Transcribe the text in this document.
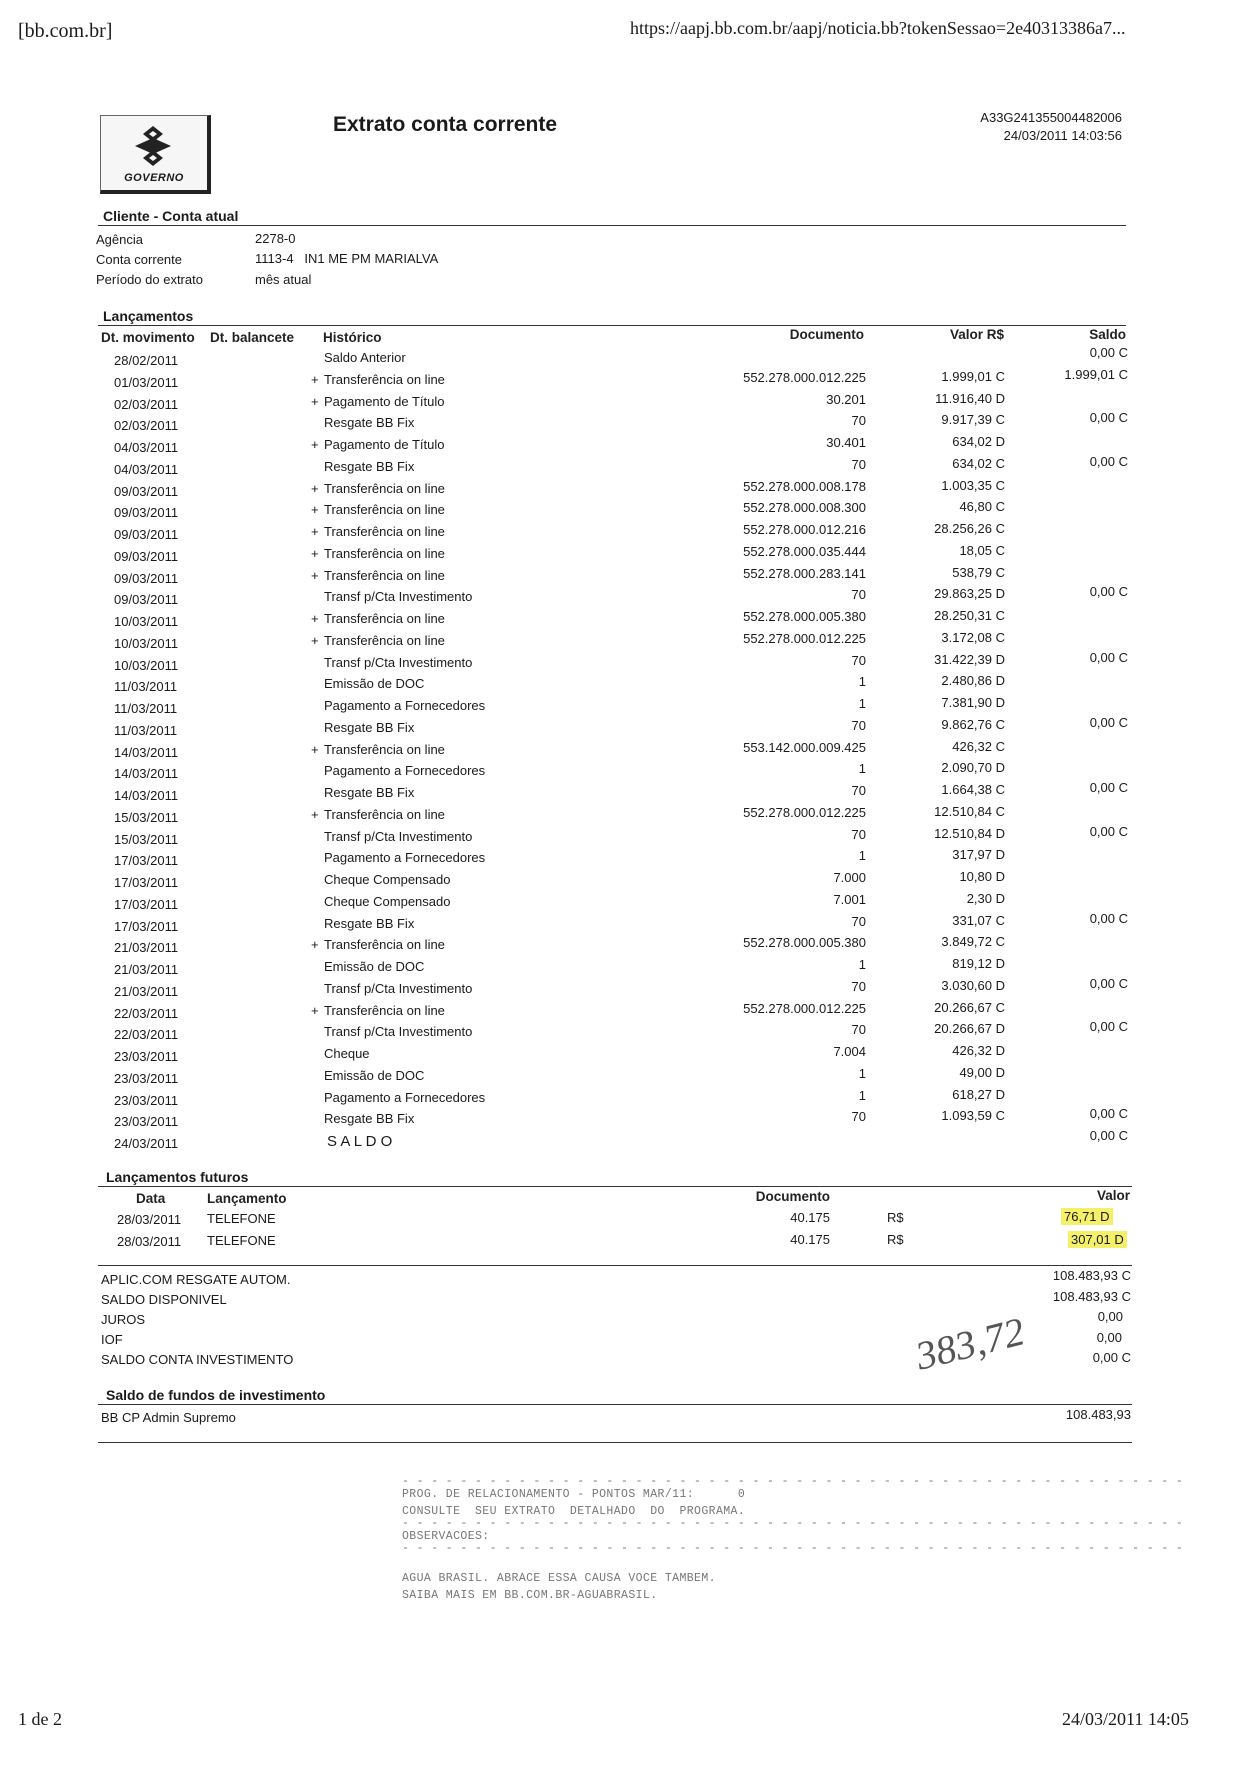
[bb.com.br]	https://aapj.bb.com.br/aapj/noticia.bb?tokenSessao=2e40313386a7...
GOVERNO
Extrato conta corrente	A33G241355004482006
24/03/2011 14:03:56
Cliente - Conta atual
Agência	2278-0
Conta corrente	1113-4   IN1 ME PM MARIALVA
Período do extrato	mês atual
Lançamentos
Dt. movimento Dt. balancete Histórico	Documento	Valor R$	Saldo
28/02/2011	Saldo Anterior	0,00 C
01/03/2011	+ Transferência on line	552.278.000.012.225	1.999,01 C	1.999,01 C
02/03/2011	+ Pagamento de Título	30.201	11.916,40 D
02/03/2011	Resgate BB Fix	70	9.917,39 C	0,00 C
04/03/2011	+ Pagamento de Título	30.401	634,02 D
04/03/2011	Resgate BB Fix	70	634,02 C	0,00 C
09/03/2011	+ Transferência on line	552.278.000.008.178	1.003,35 C
09/03/2011	+ Transferência on line	552.278.000.008.300	46,80 C
09/03/2011	+ Transferência on line	552.278.000.012.216	28.256,26 C
09/03/2011	+ Transferência on line	552.278.000.035.444	18,05 C
09/03/2011	+ Transferência on line	552.278.000.283.141	538,79 C
09/03/2011	Transf p/Cta Investimento	70	29.863,25 D	0,00 C
10/03/2011	+ Transferência on line	552.278.000.005.380	28.250,31 C
10/03/2011	+ Transferência on line	552.278.000.012.225	3.172,08 C
10/03/2011	Transf p/Cta Investimento	70	31.422,39 D	0,00 C
11/03/2011	Emissão de DOC	1	2.480,86 D
11/03/2011	Pagamento a Fornecedores	1	7.381,90 D
11/03/2011	Resgate BB Fix	70	9.862,76 C	0,00 C
14/03/2011	+ Transferência on line	553.142.000.009.425	426,32 C
14/03/2011	Pagamento a Fornecedores	1	2.090,70 D
14/03/2011	Resgate BB Fix	70	1.664,38 C	0,00 C
15/03/2011	+ Transferência on line	552.278.000.012.225	12.510,84 C
15/03/2011	Transf p/Cta Investimento	70	12.510,84 D	0,00 C
17/03/2011	Pagamento a Fornecedores	1	317,97 D
17/03/2011	Cheque Compensado	7.000	10,80 D
17/03/2011	Cheque Compensado	7.001	2,30 D
17/03/2011	Resgate BB Fix	70	331,07 C	0,00 C
21/03/2011	+ Transferência on line	552.278.000.005.380	3.849,72 C
21/03/2011	Emissão de DOC	1	819,12 D
21/03/2011	Transf p/Cta Investimento	70	3.030,60 D	0,00 C
22/03/2011	+ Transferência on line	552.278.000.012.225	20.266,67 C
22/03/2011	Transf p/Cta Investimento	70	20.266,67 D	0,00 C
23/03/2011	Cheque	7.004	426,32 D
23/03/2011	Emissão de DOC	1	49,00 D
23/03/2011	Pagamento a Fornecedores	1	618,27 D
23/03/2011	Resgate BB Fix	70	1.093,59 C	0,00 C
24/03/2011	S A L D O	0,00 C
Lançamentos futuros
Data	Lançamento	Documento	Valor
28/03/2011 TELEFONE	40.175	R$	76,71 D
28/03/2011 TELEFONE	40.175	R$	307,01 D
APLIC.COM RESGATE AUTOM.	108.483,93 C
SALDO DISPONIVEL	108.483,93 C
JUROS	0,00
IOF	0,00
SALDO CONTA INVESTIMENTO	0,00 C
383,72
Saldo de fundos de investimento
BB CP Admin Supremo	108.483,93
- - - - - - - - - - - - - - - - - - - - - - - - - - - - - - - - - - - - - - - - - - - - - - - - - - - - - -
PROG. DE RELACIONAMENTO - PONTOS MAR/11:      0
CONSULTE  SEU EXTRATO  DETALHADO  DO  PROGRAMA.
- - - - - - - - - - - - - - - - - - - - - - - - - - - - - - - - - - - - - - - - - - - - - - - - - - - - - -
OBSERVACOES:
- - - - - - - - - - - - - - - - - - - - - - - - - - - - - - - - - - - - - - - - - - - - - - - - - - - - - -
AGUA BRASIL. ABRACE ESSA CAUSA VOCE TAMBEM.
SAIBA MAIS EM BB.COM.BR-AGUABRASIL.
1 de 2	24/03/2011 14:05
